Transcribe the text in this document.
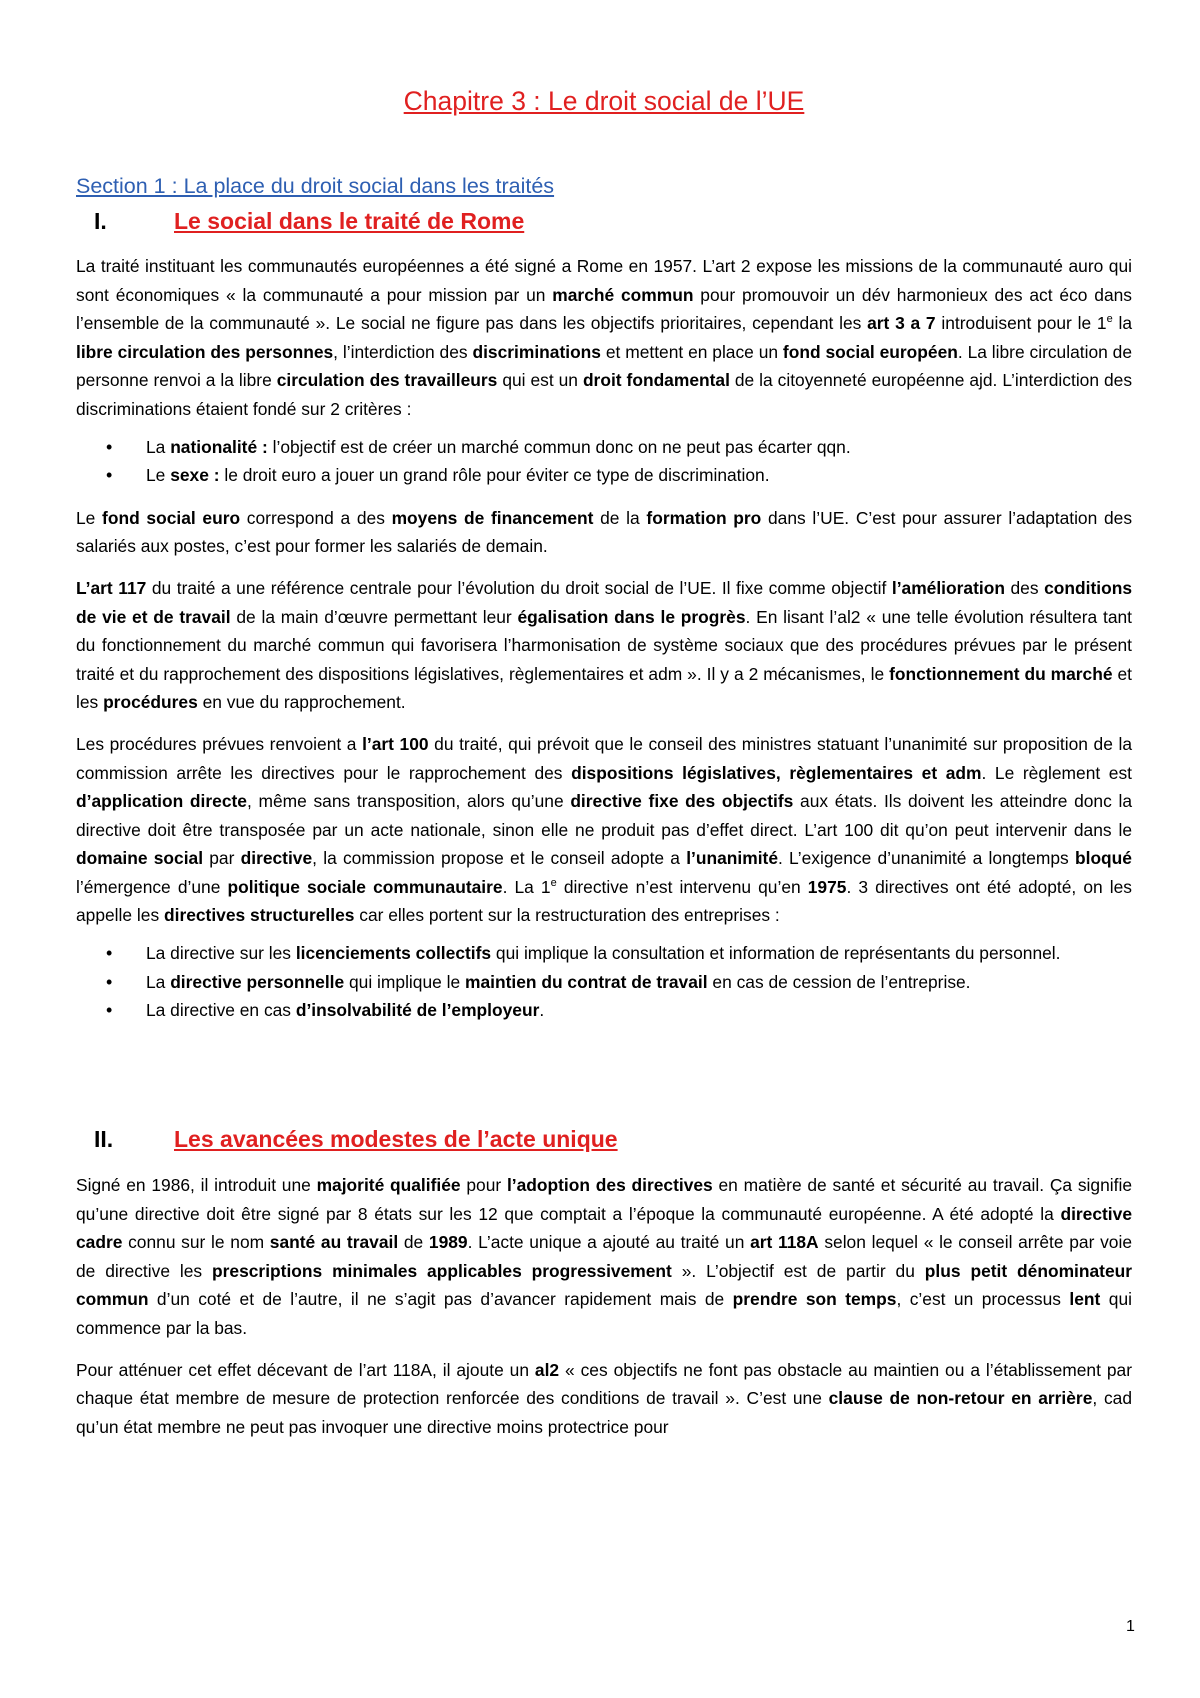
Chapitre 3 : Le droit social de l’UE
Section 1 : La place du droit social dans les traités
I.	Le social dans le traité de Rome

La traité instituant les communautés européennes a été signé a Rome en 1957. L’art 2 expose les missions de la communauté auro qui sont économiques « la communauté a pour mission par un marché commun pour promouvoir un dév harmonieux des act éco dans l’ensemble de la communauté ». Le social ne figure pas dans les objectifs prioritaires, cependant les art 3 a 7 introduisent pour le 1e la libre circulation des personnes, l’interdiction des discriminations et mettent en place un fond social européen. La libre circulation de personne renvoi a la libre circulation des travailleurs qui est un droit fondamental de la citoyenneté européenne ajd. L’interdiction des discriminations étaient fondé sur 2 critères :

• La nationalité : l’objectif est de créer un marché commun donc on ne peut pas écarter qqn.
• Le sexe : le droit euro a jouer un grand rôle pour éviter ce type de discrimination.

Le fond social euro correspond a des moyens de financement de la formation pro dans l’UE. C’est pour assurer l’adaptation des salariés aux postes, c’est pour former les salariés de demain.

L’art 117 du traité a une référence centrale pour l’évolution du droit social de l’UE. Il fixe comme objectif l’amélioration des conditions de vie et de travail de la main d’œuvre permettant leur égalisation dans le progrès. En lisant l’al2 « une telle évolution résultera tant du fonctionnement du marché commun qui favorisera l’harmonisation de système sociaux que des procédures prévues par le présent traité et du rapprochement des dispositions législatives, règlementaires et adm ». Il y a 2 mécanismes, le fonctionnement du marché et les procédures en vue du rapprochement.

Les procédures prévues renvoient a l’art 100 du traité, qui prévoit que le conseil des ministres statuant l’unanimité sur proposition de la commission arrête les directives pour le rapprochement des dispositions législatives, règlementaires et adm. Le règlement est d’application directe, même sans transposition, alors qu’une directive fixe des objectifs aux états. Ils doivent les atteindre donc la directive doit être transposée par un acte nationale, sinon elle ne produit pas d’effet direct. L’art 100 dit qu’on peut intervenir dans le domaine social par directive, la commission propose et le conseil adopte a l’unanimité. L’exigence d’unanimité a longtemps bloqué l’émergence d’une politique sociale communautaire. La 1e directive n’est intervenu qu’en 1975. 3 directives ont été adopté, on les appelle les directives structurelles car elles portent sur la restructuration des entreprises :

• La directive sur les licenciements collectifs qui implique la consultation et information de représentants du personnel.
• La directive personnelle qui implique le maintien du contrat de travail en cas de cession de l’entreprise.
• La directive en cas d’insolvabilité de l’employeur.
II.	Les avancées modestes de l’acte unique

Signé en 1986, il introduit une majorité qualifiée pour l’adoption des directives en matière de santé et sécurité au travail. Ça signifie qu’une directive doit être signé par 8 états sur les 12 que comptait a l’époque la communauté européenne. A été adopté la directive cadre connu sur le nom santé au travail de 1989. L’acte unique a ajouté au traité un art 118A selon lequel « le conseil arrête par voie de directive les prescriptions minimales applicables progressivement ». L’objectif est de partir du plus petit dénominateur commun d’un coté et de l’autre, il ne s’agit pas d’avancer rapidement mais de prendre son temps, c’est un processus lent qui commence par la bas.

Pour atténuer cet effet décevant de l’art 118A, il ajoute un al2 « ces objectifs ne font pas obstacle au maintien ou a l’établissement par chaque état membre de mesure de protection renforcée des conditions de travail ». C’est une clause de non-retour en arrière, cad qu’un état membre ne peut pas invoquer une directive moins protectrice pour

1
